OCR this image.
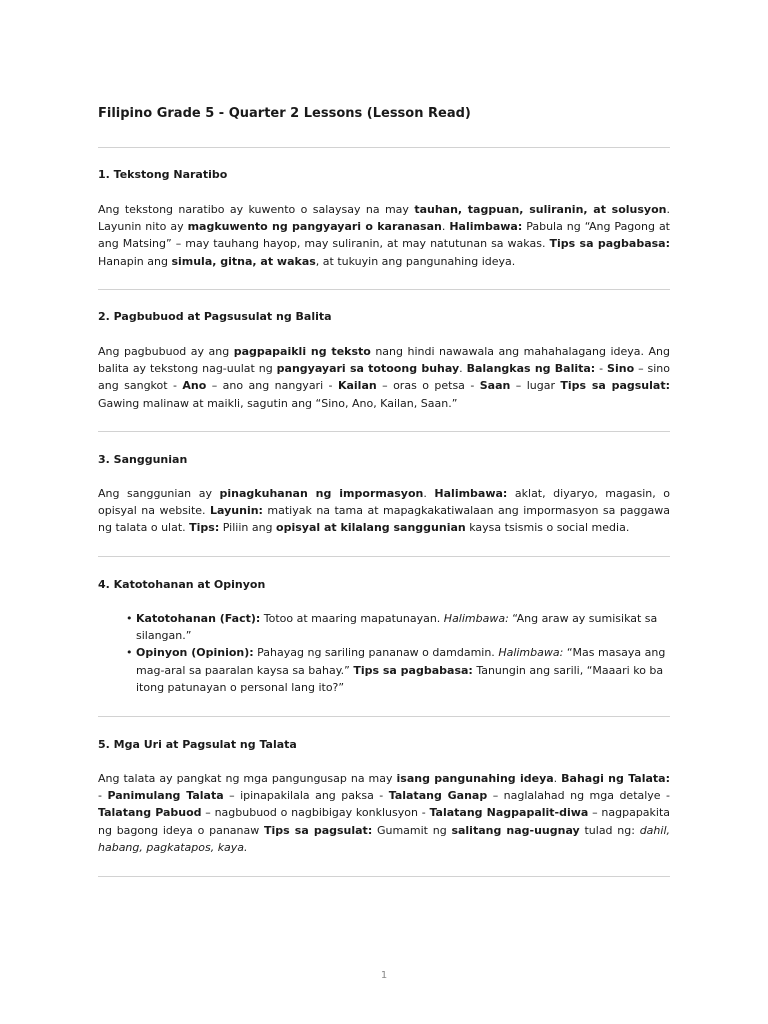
Filipino Grade 5 - Quarter 2 Lessons (Lesson Read)
1. Tekstong Naratibo

Ang tekstong naratibo ay kuwento o salaysay na may tauhan, tagpuan, suliranin, at solusyon. Layunin nito ay magkuwento ng pangyayari o karanasan. Halimbawa: Pabula ng “Ang Pagong at ang Matsing” – may tauhang hayop, may suliranin, at may natutunan sa wakas. Tips sa pagbabasa: Hanapin ang simula, gitna, at wakas, at tukuyin ang pangunahing ideya.

2. Pagbubuod at Pagsusulat ng Balita

Ang pagbubuod ay ang pagpapaikli ng teksto nang hindi nawawala ang mahahalagang ideya. Ang balita ay tekstong nag-uulat ng pangyayari sa totoong buhay. Balangkas ng Balita: - Sino – sino ang sangkot - Ano – ano ang nangyari - Kailan – oras o petsa - Saan – lugar Tips sa pagsulat: Gawing malinaw at maikli, sagutin ang “Sino, Ano, Kailan, Saan.”

3. Sanggunian

Ang sanggunian ay pinagkuhanan ng impormasyon. Halimbawa: aklat, diyaryo, magasin, o opisyal na website. Layunin: matiyak na tama at mapagkakatiwalaan ang impormasyon sa paggawa ng talata o ulat. Tips: Piliin ang opisyal at kilalang sanggunian kaysa tsismis o social media.

4. Katotohanan at Opinyon
• Katotohanan (Fact): Totoo at maaring mapatunayan. Halimbawa: “Ang araw ay sumisikat sa silangan.”
• Opinyon (Opinion): Pahayag ng sariling pananaw o damdamin. Halimbawa: “Mas masaya ang mag-aral sa paaralan kaysa sa bahay.” Tips sa pagbabasa: Tanungin ang sarili, “Maaari ko ba itong patunayan o personal lang ito?”
5. Mga Uri at Pagsulat ng Talata

Ang talata ay pangkat ng mga pangungusap na may isang pangunahing ideya. Bahagi ng Talata: - Panimulang Talata – ipinapakilala ang paksa - Talatang Ganap – naglalahad ng mga detalye - Talatang Pabuod – nagbubuod o nagbibigay konklusyon - Talatang Nagpapalit-diwa – nagpapakita ng bagong ideya o pananaw Tips sa pagsulat: Gumamit ng salitang nag-uugnay tulad ng: dahil, habang, pagkatapos, kaya.

1
